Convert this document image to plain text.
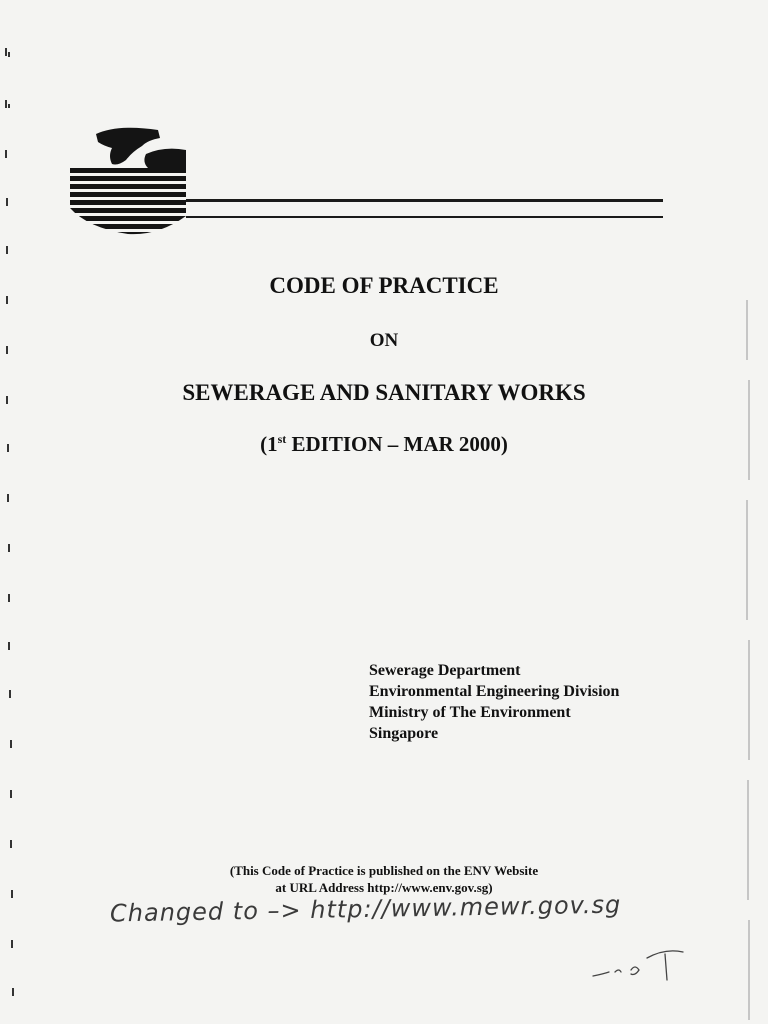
CODE OF PRACTICE
ON
SEWERAGE AND SANITARY WORKS
(1st EDITION – MAR 2000)
Sewerage Department
Environmental Engineering Division
Ministry of The Environment
Singapore
(This Code of Practice is published on the ENV Website
at URL Address http://www.env.gov.sg)
Changed to –> http://www.mewr.gov.sg
